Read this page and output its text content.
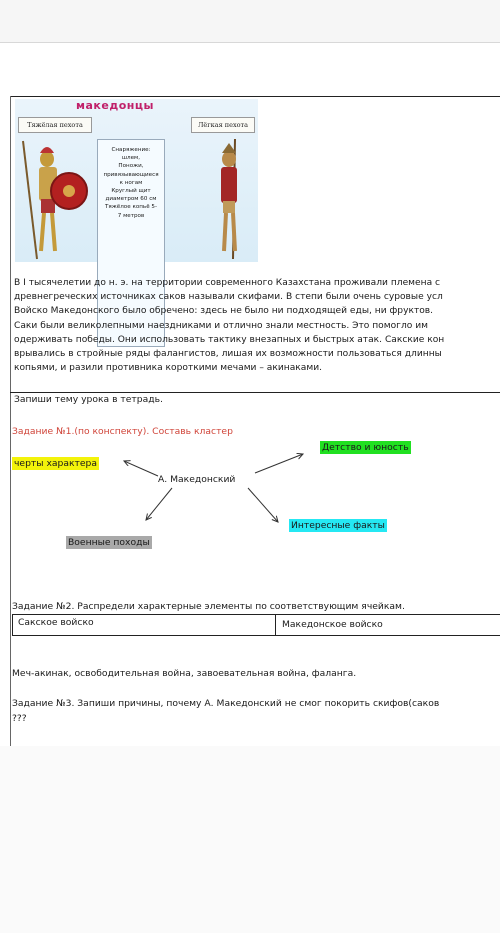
македонцы
Тяжёлая пехота	Лёгкая пехота
Снаряжение:
шлем,
Поножи,
привязывающиеся
к ногам
Круглый щит
диаметром 60 см
Тяжёлое копьё 5-
7 метров
В I тысячелетии до н. э. на территории современного Казахстана проживали племена с
древнегреческих источниках саков называли скифами. В степи были очень суровые усл
Войско Македонского было обречено: здесь не было ни подходящей еды, ни фруктов.
Саки были великолепными наездниками и отлично знали местность. Это помогло им
одерживать победы. Они использовать тактику внезапных и быстрых атак. Сакские кон
врывались в стройные ряды фалангистов, лишая их возможности пользоваться длинны
копьями, и разили противника короткими мечами – акинаками.
Запиши тему урока в тетрадь.
Задание №1.(по конспекту). Составь кластер
Детство и юность
черты характера
А. Македонский
Интересные факты
Военные походы
Задание №2. Распредели характерные элементы по соответствующим ячейкам.
Сакское войско	Македонское войско
Меч-акинак, освободительная война, завоевательная война, фаланга.
Задание №3. Запиши причины, почему А. Македонский не смог покорить скифов(саков
???
